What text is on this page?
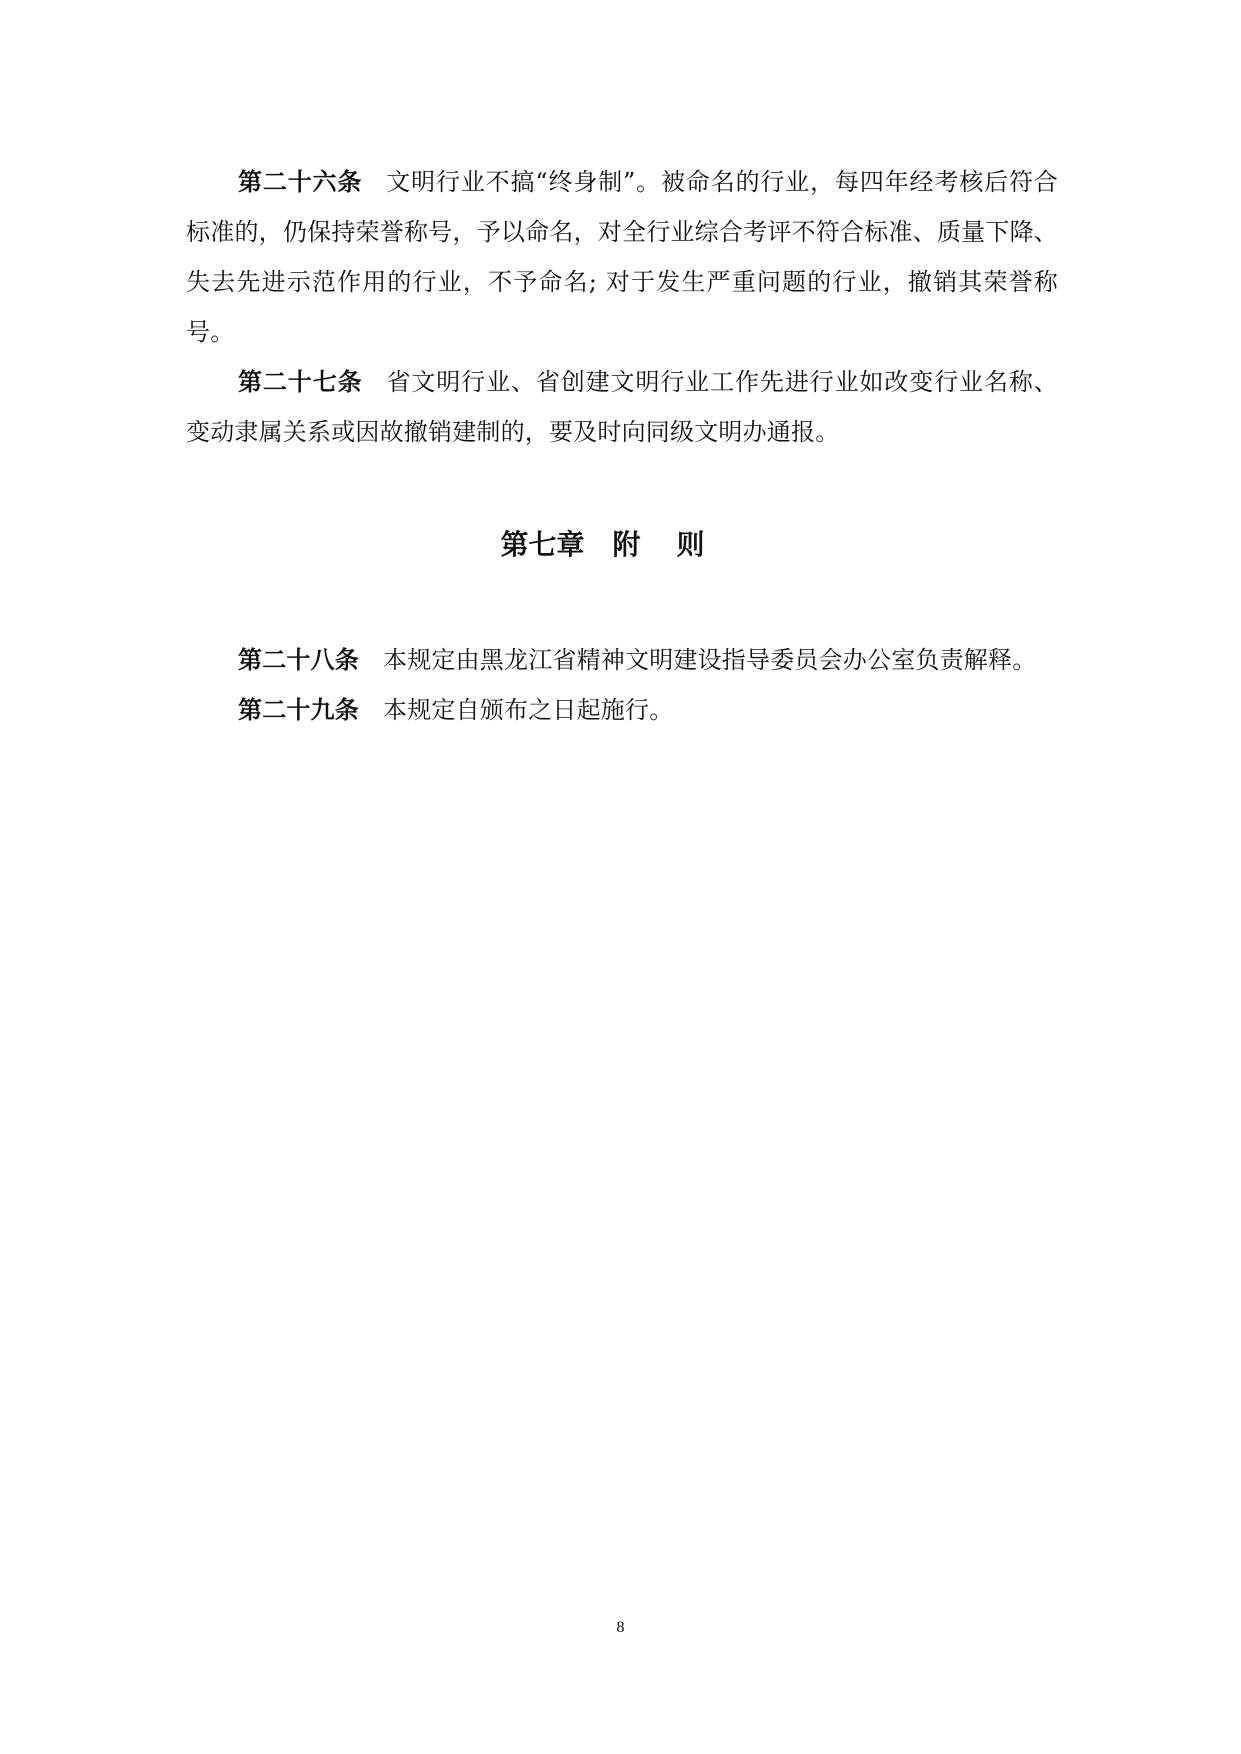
第二十六条 文明行业不搞“终身制”。被命名的行业，每四年经考核后符合标准的，仍保持荣誉称号，予以命名，对全行业综合考评不符合标准、质量下降、失去先进示范作用的行业，不予命名; 对于发生严重问题的行业，撤销其荣誉称号。

第二十七条 省文明行业、省创建文明行业工作先进行业如改变行业名称、变动隶属关系或因故撤销建制的，要及时向同级文明办通报。

第七章 附则

第二十八条 本规定由黑龙江省精神文明建设指导委员会办公室负责解释。

第二十九条 本规定自颁布之日起施行。

8
